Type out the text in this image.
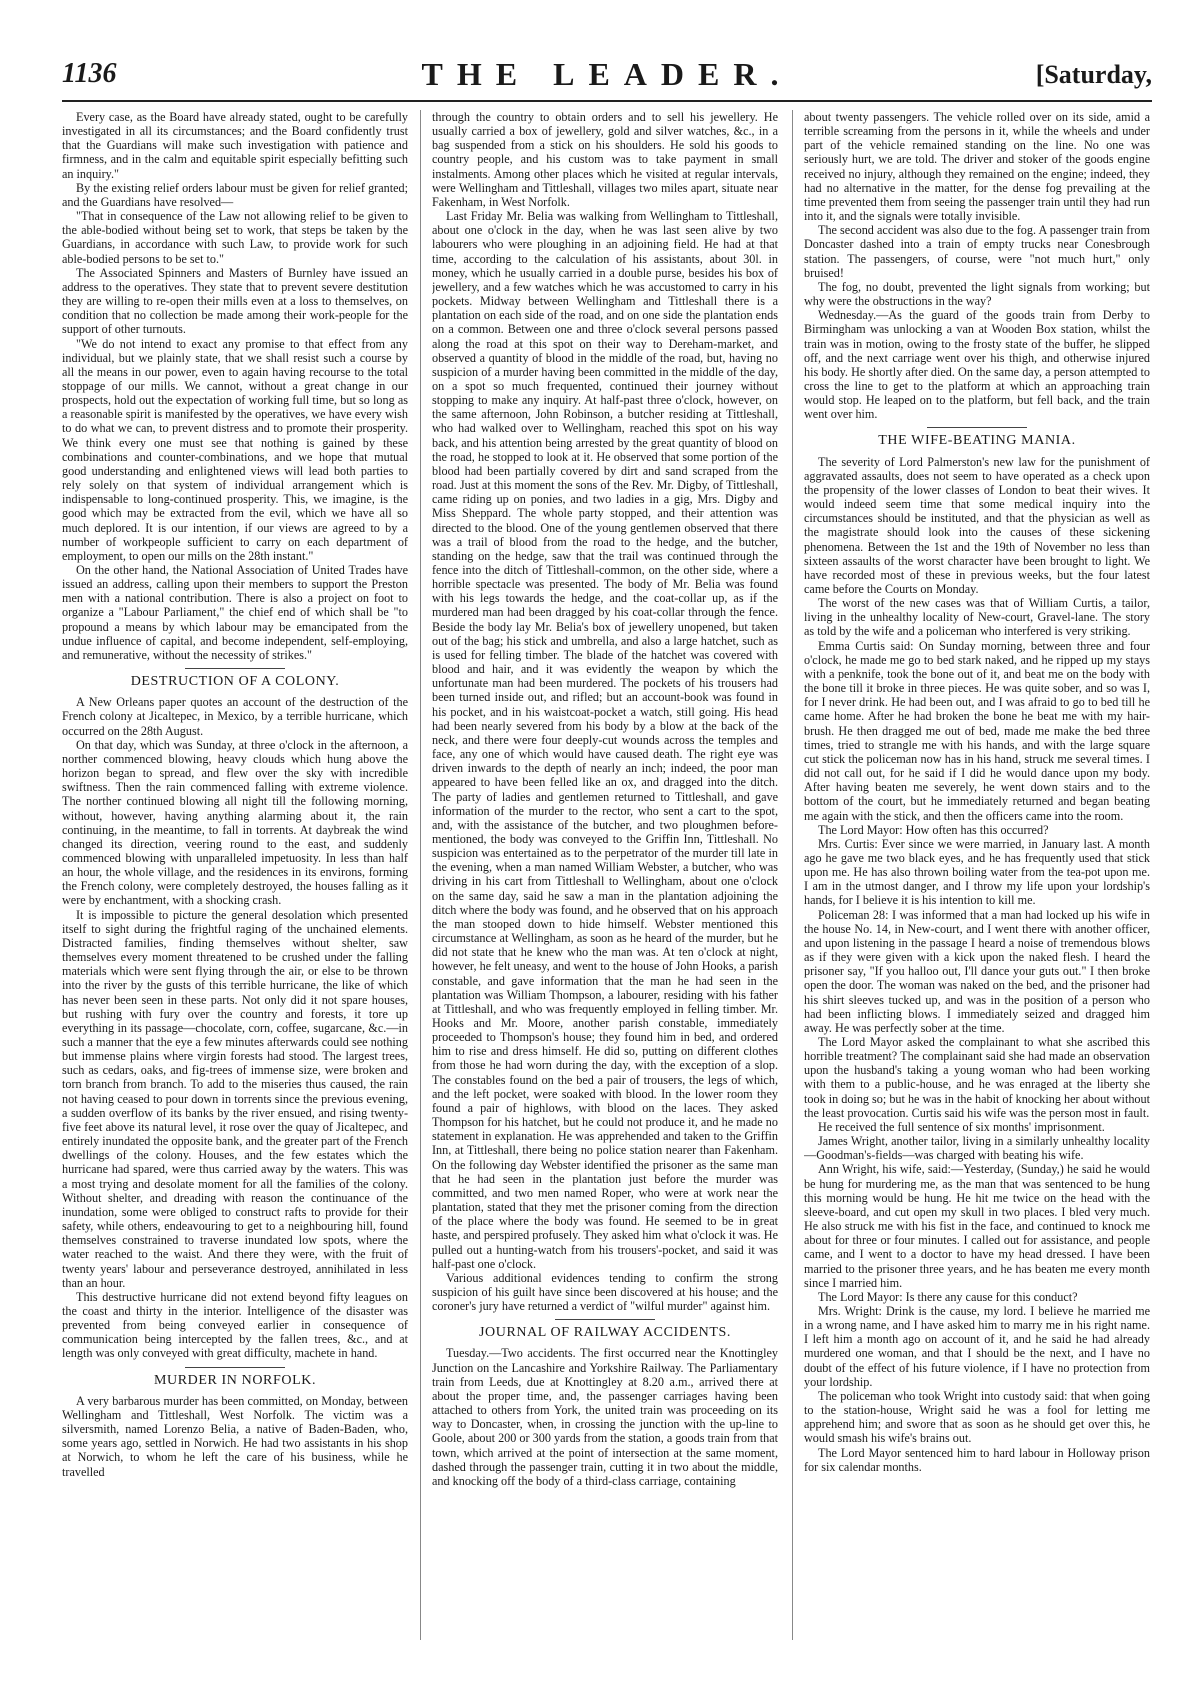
1136	THE LEADER.	[Saturday,

Every case, as the Board have already stated, ought to be carefully investigated in all its circumstances; and the Board confidently trust that the Guardians will make such investigation with patience and firmness, and in the calm and equitable spirit especially befitting such an inquiry."

By the existing relief orders labour must be given for relief granted; and the Guardians have resolved—

"That in consequence of the Law not allowing relief to be given to the able-bodied without being set to work, that steps be taken by the Guardians, in accordance with such Law, to provide work for such able-bodied persons to be set to."

The Associated Spinners and Masters of Burnley have issued an address to the operatives. They state that to prevent severe destitution they are willing to re-open their mills even at a loss to themselves, on condition that no collection be made among their work-people for the support of other turnouts.

"We do not intend to exact any promise to that effect from any individual, but we plainly state, that we shall resist such a course by all the means in our power, even to again having recourse to the total stoppage of our mills. We cannot, without a great change in our prospects, hold out the expectation of working full time, but so long as a reasonable spirit is manifested by the operatives, we have every wish to do what we can, to prevent distress and to promote their prosperity. We think every one must see that nothing is gained by these combinations and counter-combinations, and we hope that mutual good understanding and enlightened views will lead both parties to rely solely on that system of individual arrangement which is indispensable to long-continued prosperity. This, we imagine, is the good which may be extracted from the evil, which we have all so much deplored. It is our intention, if our views are agreed to by a number of workpeople sufficient to carry on each department of employment, to open our mills on the 28th instant."

On the other hand, the National Association of United Trades have issued an address, calling upon their members to support the Preston men with a national contribution. There is also a project on foot to organize a "Labour Parliament," the chief end of which shall be "to propound a means by which labour may be emancipated from the undue influence of capital, and become independent, self-employing, and remunerative, without the necessity of strikes."

DESTRUCTION OF A COLONY.

A New Orleans paper quotes an account of the destruction of the French colony at Jicaltepec, in Mexico, by a terrible hurricane, which occurred on the 28th August.

On that day, which was Sunday, at three o'clock in the afternoon, a norther commenced blowing, heavy clouds which hung above the horizon began to spread, and flew over the sky with incredible swiftness. Then the rain commenced falling with extreme violence. The norther continued blowing all night till the following morning, without, however, having anything alarming about it, the rain continuing, in the meantime, to fall in torrents. At daybreak the wind changed its direction, veering round to the east, and suddenly commenced blowing with unparalleled impetuosity. In less than half an hour, the whole village, and the residences in its environs, forming the French colony, were completely destroyed, the houses falling as it were by enchantment, with a shocking crash.

It is impossible to picture the general desolation which presented itself to sight during the frightful raging of the unchained elements. Distracted families, finding themselves without shelter, saw themselves every moment threatened to be crushed under the falling materials which were sent flying through the air, or else to be thrown into the river by the gusts of this terrible hurricane, the like of which has never been seen in these parts. Not only did it not spare houses, but rushing with fury over the country and forests, it tore up everything in its passage—chocolate, corn, coffee, sugarcane, &c.—in such a manner that the eye a few minutes afterwards could see nothing but immense plains where virgin forests had stood. The largest trees, such as cedars, oaks, and fig-trees of immense size, were broken and torn branch from branch. To add to the miseries thus caused, the rain not having ceased to pour down in torrents since the previous evening, a sudden overflow of its banks by the river ensued, and rising twenty-five feet above its natural level, it rose over the quay of Jicaltepec, and entirely inundated the opposite bank, and the greater part of the French dwellings of the colony. Houses, and the few estates which the hurricane had spared, were thus carried away by the waters. This was a most trying and desolate moment for all the families of the colony. Without shelter, and dreading with reason the continuance of the inundation, some were obliged to construct rafts to provide for their safety, while others, endeavouring to get to a neighbouring hill, found themselves constrained to traverse inundated low spots, where the water reached to the waist. And there they were, with the fruit of twenty years' labour and perseverance destroyed, annihilated in less than an hour.

This destructive hurricane did not extend beyond fifty leagues on the coast and thirty in the interior. Intelligence of the disaster was prevented from being conveyed earlier in consequence of communication being intercepted by the fallen trees, &c., and at length was only conveyed with great difficulty, machete in hand.

MURDER IN NORFOLK.

A very barbarous murder has been committed, on Monday, between Wellingham and Tittleshall, West Norfolk. The victim was a silversmith, named Lorenzo Belia, a native of Baden-Baden, who, some years ago, settled in Norwich. He had two assistants in his shop at Norwich, to whom he left the care of his business, while he travelled

through the country to obtain orders and to sell his jewellery. He usually carried a box of jewellery, gold and silver watches, &c., in a bag suspended from a stick on his shoulders. He sold his goods to country people, and his custom was to take payment in small instalments. Among other places which he visited at regular intervals, were Wellingham and Tittleshall, villages two miles apart, situate near Fakenham, in West Norfolk.

Last Friday Mr. Belia was walking from Wellingham to Tittleshall, about one o'clock in the day, when he was last seen alive by two labourers who were ploughing in an adjoining field. He had at that time, according to the calculation of his assistants, about 30l. in money, which he usually carried in a double purse, besides his box of jewellery, and a few watches which he was accustomed to carry in his pockets. Midway between Wellingham and Tittleshall there is a plantation on each side of the road, and on one side the plantation ends on a common. Between one and three o'clock several persons passed along the road at this spot on their way to Dereham-market, and observed a quantity of blood in the middle of the road, but, having no suspicion of a murder having been committed in the middle of the day, on a spot so much frequented, continued their journey without stopping to make any inquiry. At half-past three o'clock, however, on the same afternoon, John Robinson, a butcher residing at Tittleshall, who had walked over to Wellingham, reached this spot on his way back, and his attention being arrested by the great quantity of blood on the road, he stopped to look at it. He observed that some portion of the blood had been partially covered by dirt and sand scraped from the road. Just at this moment the sons of the Rev. Mr. Digby, of Tittleshall, came riding up on ponies, and two ladies in a gig, Mrs. Digby and Miss Sheppard. The whole party stopped, and their attention was directed to the blood. One of the young gentlemen observed that there was a trail of blood from the road to the hedge, and the butcher, standing on the hedge, saw that the trail was continued through the fence into the ditch of Tittleshall-common, on the other side, where a horrible spectacle was presented. The body of Mr. Belia was found with his legs towards the hedge, and the coat-collar up, as if the murdered man had been dragged by his coat-collar through the fence. Beside the body lay Mr. Belia's box of jewellery unopened, but taken out of the bag; his stick and umbrella, and also a large hatchet, such as is used for felling timber. The blade of the hatchet was covered with blood and hair, and it was evidently the weapon by which the unfortunate man had been murdered. The pockets of his trousers had been turned inside out, and rifled; but an account-book was found in his pocket, and in his waistcoat-pocket a watch, still going. His head had been nearly severed from his body by a blow at the back of the neck, and there were four deeply-cut wounds across the temples and face, any one of which would have caused death. The right eye was driven inwards to the depth of nearly an inch; indeed, the poor man appeared to have been felled like an ox, and dragged into the ditch. The party of ladies and gentlemen returned to Tittleshall, and gave information of the murder to the rector, who sent a cart to the spot, and, with the assistance of the butcher, and two ploughmen before-mentioned, the body was conveyed to the Griffin Inn, Tittleshall. No suspicion was entertained as to the perpetrator of the murder till late in the evening, when a man named William Webster, a butcher, who was driving in his cart from Tittleshall to Wellingham, about one o'clock on the same day, said he saw a man in the plantation adjoining the ditch where the body was found, and he observed that on his approach the man stooped down to hide himself. Webster mentioned this circumstance at Wellingham, as soon as he heard of the murder, but he did not state that he knew who the man was. At ten o'clock at night, however, he felt uneasy, and went to the house of John Hooks, a parish constable, and gave information that the man he had seen in the plantation was William Thompson, a labourer, residing with his father at Tittleshall, and who was frequently employed in felling timber. Mr. Hooks and Mr. Moore, another parish constable, immediately proceeded to Thompson's house; they found him in bed, and ordered him to rise and dress himself. He did so, putting on different clothes from those he had worn during the day, with the exception of a slop. The constables found on the bed a pair of trousers, the legs of which, and the left pocket, were soaked with blood. In the lower room they found a pair of highlows, with blood on the laces. They asked Thompson for his hatchet, but he could not produce it, and he made no statement in explanation. He was apprehended and taken to the Griffin Inn, at Tittleshall, there being no police station nearer than Fakenham. On the following day Webster identified the prisoner as the same man that he had seen in the plantation just before the murder was committed, and two men named Roper, who were at work near the plantation, stated that they met the prisoner coming from the direction of the place where the body was found. He seemed to be in great haste, and perspired profusely. They asked him what o'clock it was. He pulled out a hunting-watch from his trousers'-pocket, and said it was half-past one o'clock.

Various additional evidences tending to confirm the strong suspicion of his guilt have since been discovered at his house; and the coroner's jury have returned a verdict of "wilful murder" against him.

JOURNAL OF RAILWAY ACCIDENTS.

Tuesday.—Two accidents. The first occurred near the Knottingley Junction on the Lancashire and Yorkshire Railway. The Parliamentary train from Leeds, due at Knottingley at 8.20 a.m., arrived there at about the proper time, and, the passenger carriages having been attached to others from York, the united train was proceeding on its way to Doncaster, when, in crossing the junction with the up-line to Goole, about 200 or 300 yards from the station, a goods train from that town, which arrived at the point of intersection at the same moment, dashed through the passenger train, cutting it in two about the middle, and knocking off the body of a third-class carriage, containing

about twenty passengers. The vehicle rolled over on its side, amid a terrible screaming from the persons in it, while the wheels and under part of the vehicle remained standing on the line. No one was seriously hurt, we are told. The driver and stoker of the goods engine received no injury, although they remained on the engine; indeed, they had no alternative in the matter, for the dense fog prevailing at the time prevented them from seeing the passenger train until they had run into it, and the signals were totally invisible.

The second accident was also due to the fog. A passenger train from Doncaster dashed into a train of empty trucks near Conesbrough station. The passengers, of course, were "not much hurt," only bruised!

The fog, no doubt, prevented the light signals from working; but why were the obstructions in the way?

Wednesday.—As the guard of the goods train from Derby to Birmingham was unlocking a van at Wooden Box station, whilst the train was in motion, owing to the frosty state of the buffer, he slipped off, and the next carriage went over his thigh, and otherwise injured his body. He shortly after died. On the same day, a person attempted to cross the line to get to the platform at which an approaching train would stop. He leaped on to the platform, but fell back, and the train went over him.

THE WIFE-BEATING MANIA.

The severity of Lord Palmerston's new law for the punishment of aggravated assaults, does not seem to have operated as a check upon the propensity of the lower classes of London to beat their wives. It would indeed seem time that some medical inquiry into the circumstances should be instituted, and that the physician as well as the magistrate should look into the causes of these sickening phenomena. Between the 1st and the 19th of November no less than sixteen assaults of the worst character have been brought to light. We have recorded most of these in previous weeks, but the four latest came before the Courts on Monday.

The worst of the new cases was that of William Curtis, a tailor, living in the unhealthy locality of New-court, Gravel-lane. The story as told by the wife and a policeman who interfered is very striking.

Emma Curtis said: On Sunday morning, between three and four o'clock, he made me go to bed stark naked, and he ripped up my stays with a penknife, took the bone out of it, and beat me on the body with the bone till it broke in three pieces. He was quite sober, and so was I, for I never drink. He had been out, and I was afraid to go to bed till he came home. After he had broken the bone he beat me with my hair-brush. He then dragged me out of bed, made me make the bed three times, tried to strangle me with his hands, and with the large square cut stick the policeman now has in his hand, struck me several times. I did not call out, for he said if I did he would dance upon my body. After having beaten me severely, he went down stairs and to the bottom of the court, but he immediately returned and began beating me again with the stick, and then the officers came into the room.

The Lord Mayor: How often has this occurred?

Mrs. Curtis: Ever since we were married, in January last. A month ago he gave me two black eyes, and he has frequently used that stick upon me. He has also thrown boiling water from the tea-pot upon me. I am in the utmost danger, and I throw my life upon your lordship's hands, for I believe it is his intention to kill me.

Policeman 28: I was informed that a man had locked up his wife in the house No. 14, in New-court, and I went there with another officer, and upon listening in the passage I heard a noise of tremendous blows as if they were given with a kick upon the naked flesh. I heard the prisoner say, "If you halloo out, I'll dance your guts out." I then broke open the door. The woman was naked on the bed, and the prisoner had his shirt sleeves tucked up, and was in the position of a person who had been inflicting blows. I immediately seized and dragged him away. He was perfectly sober at the time.

The Lord Mayor asked the complainant to what she ascribed this horrible treatment? The complainant said she had made an observation upon the husband's taking a young woman who had been working with them to a public-house, and he was enraged at the liberty she took in doing so; but he was in the habit of knocking her about without the least provocation. Curtis said his wife was the person most in fault.

He received the full sentence of six months' imprisonment.

James Wright, another tailor, living in a similarly unhealthy locality—Goodman's-fields—was charged with beating his wife.

Ann Wright, his wife, said:—Yesterday, (Sunday,) he said he would be hung for murdering me, as the man that was sentenced to be hung this morning would be hung. He hit me twice on the head with the sleeve-board, and cut open my skull in two places. I bled very much. He also struck me with his fist in the face, and continued to knock me about for three or four minutes. I called out for assistance, and people came, and I went to a doctor to have my head dressed. I have been married to the prisoner three years, and he has beaten me every month since I married him.

The Lord Mayor: Is there any cause for this conduct?

Mrs. Wright: Drink is the cause, my lord. I believe he married me in a wrong name, and I have asked him to marry me in his right name. I left him a month ago on account of it, and he said he had already murdered one woman, and that I should be the next, and I have no doubt of the effect of his future violence, if I have no protection from your lordship.

The policeman who took Wright into custody said: that when going to the station-house, Wright said he was a fool for letting me apprehend him; and swore that as soon as he should get over this, he would smash his wife's brains out.

The Lord Mayor sentenced him to hard labour in Holloway prison for six calendar months.
